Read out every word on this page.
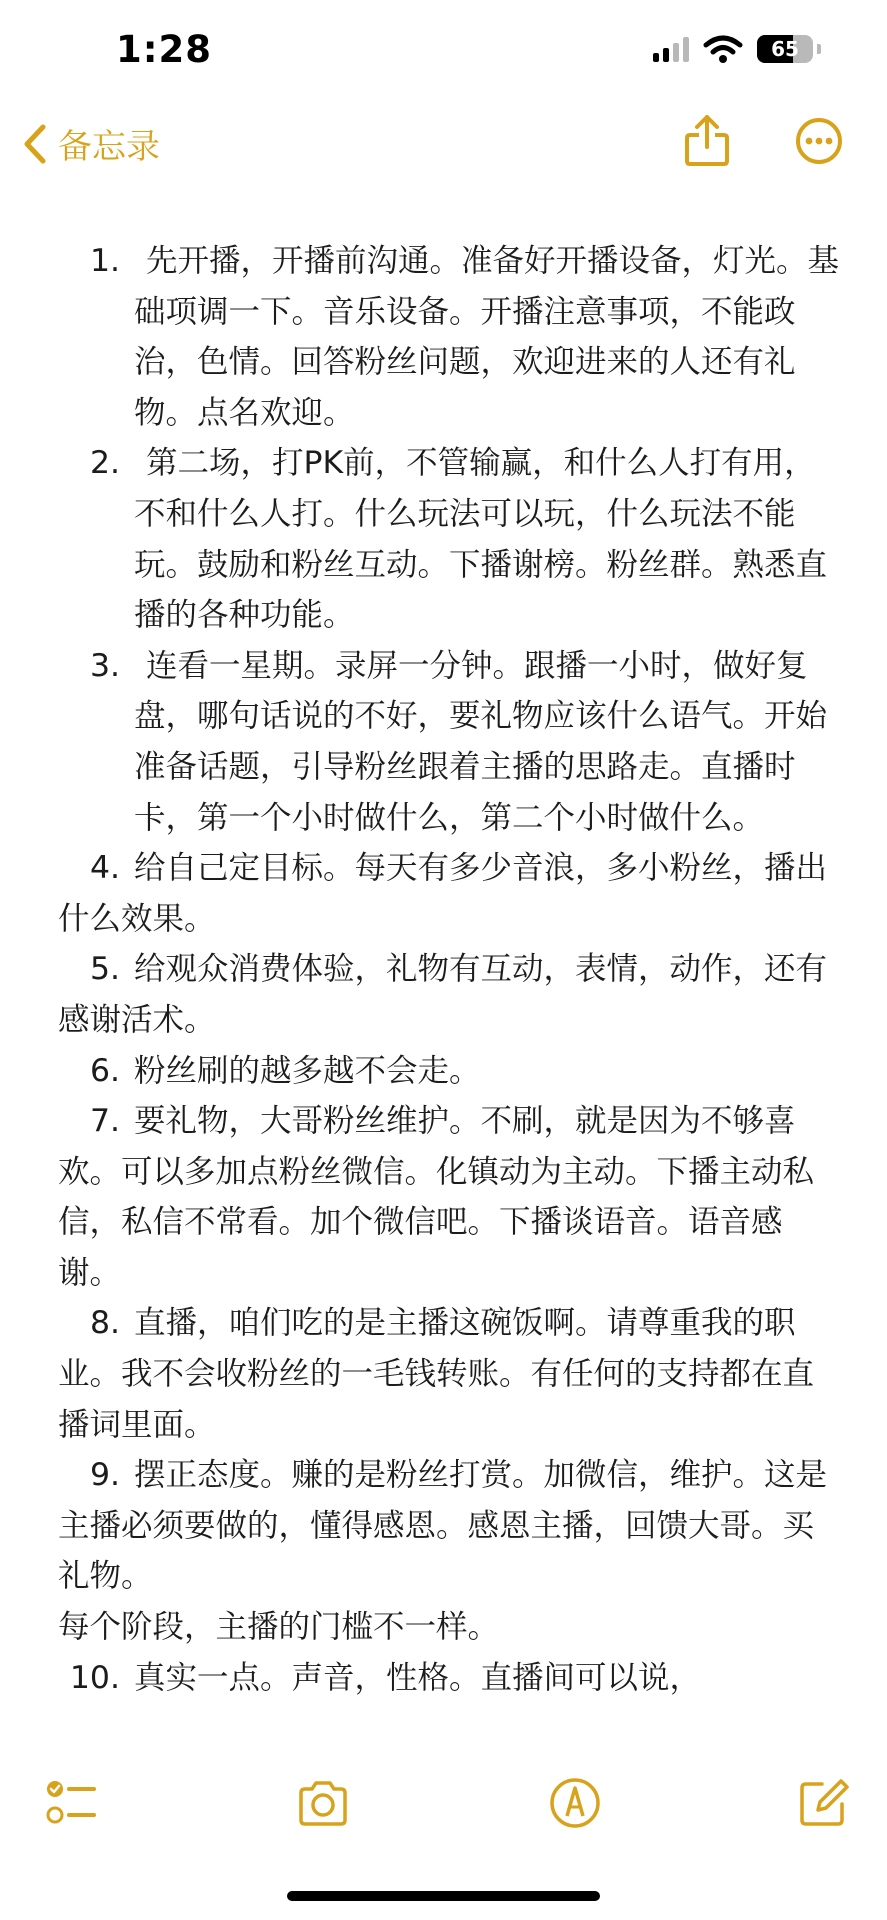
1:28	65
备忘录
1. 先开播，开播前沟通。准备好开播设备，灯光。基础项调一下。音乐设备。开播注意事项，不能政治，色情。回答粉丝问题，欢迎进来的人还有礼物。点名欢迎。
2. 第二场，打PK前，不管输赢，和什么人打有用，不和什么人打。什么玩法可以玩，什么玩法不能玩。鼓励和粉丝互动。下播谢榜。粉丝群。熟悉直播的各种功能。
3. 连看一星期。录屏一分钟。跟播一小时，做好复盘，哪句话说的不好，要礼物应该什么语气。开始准备话题，引导粉丝跟着主播的思路走。直播时卡，第一个小时做什么，第二个小时做什么。
4. 给自己定目标。每天有多少音浪，多小粉丝，播出什么效果。
5. 给观众消费体验，礼物有互动，表情，动作，还有感谢活术。
6. 粉丝刷的越多越不会走。
7. 要礼物，大哥粉丝维护。不刷，就是因为不够喜欢。可以多加点粉丝微信。化镇动为主动。下播主动私信，私信不常看。加个微信吧。下播谈语音。语音感谢。
8. 直播，咱们吃的是主播这碗饭啊。请尊重我的职业。我不会收粉丝的一毛钱转账。有任何的支持都在直播词里面。
9. 摆正态度。赚的是粉丝打赏。加微信，维护。这是主播必须要做的，懂得感恩。感恩主播，回馈大哥。买礼物。

每个阶段，主播的门槛不一样。

10. 真实一点。声音，性格。直播间可以说，
